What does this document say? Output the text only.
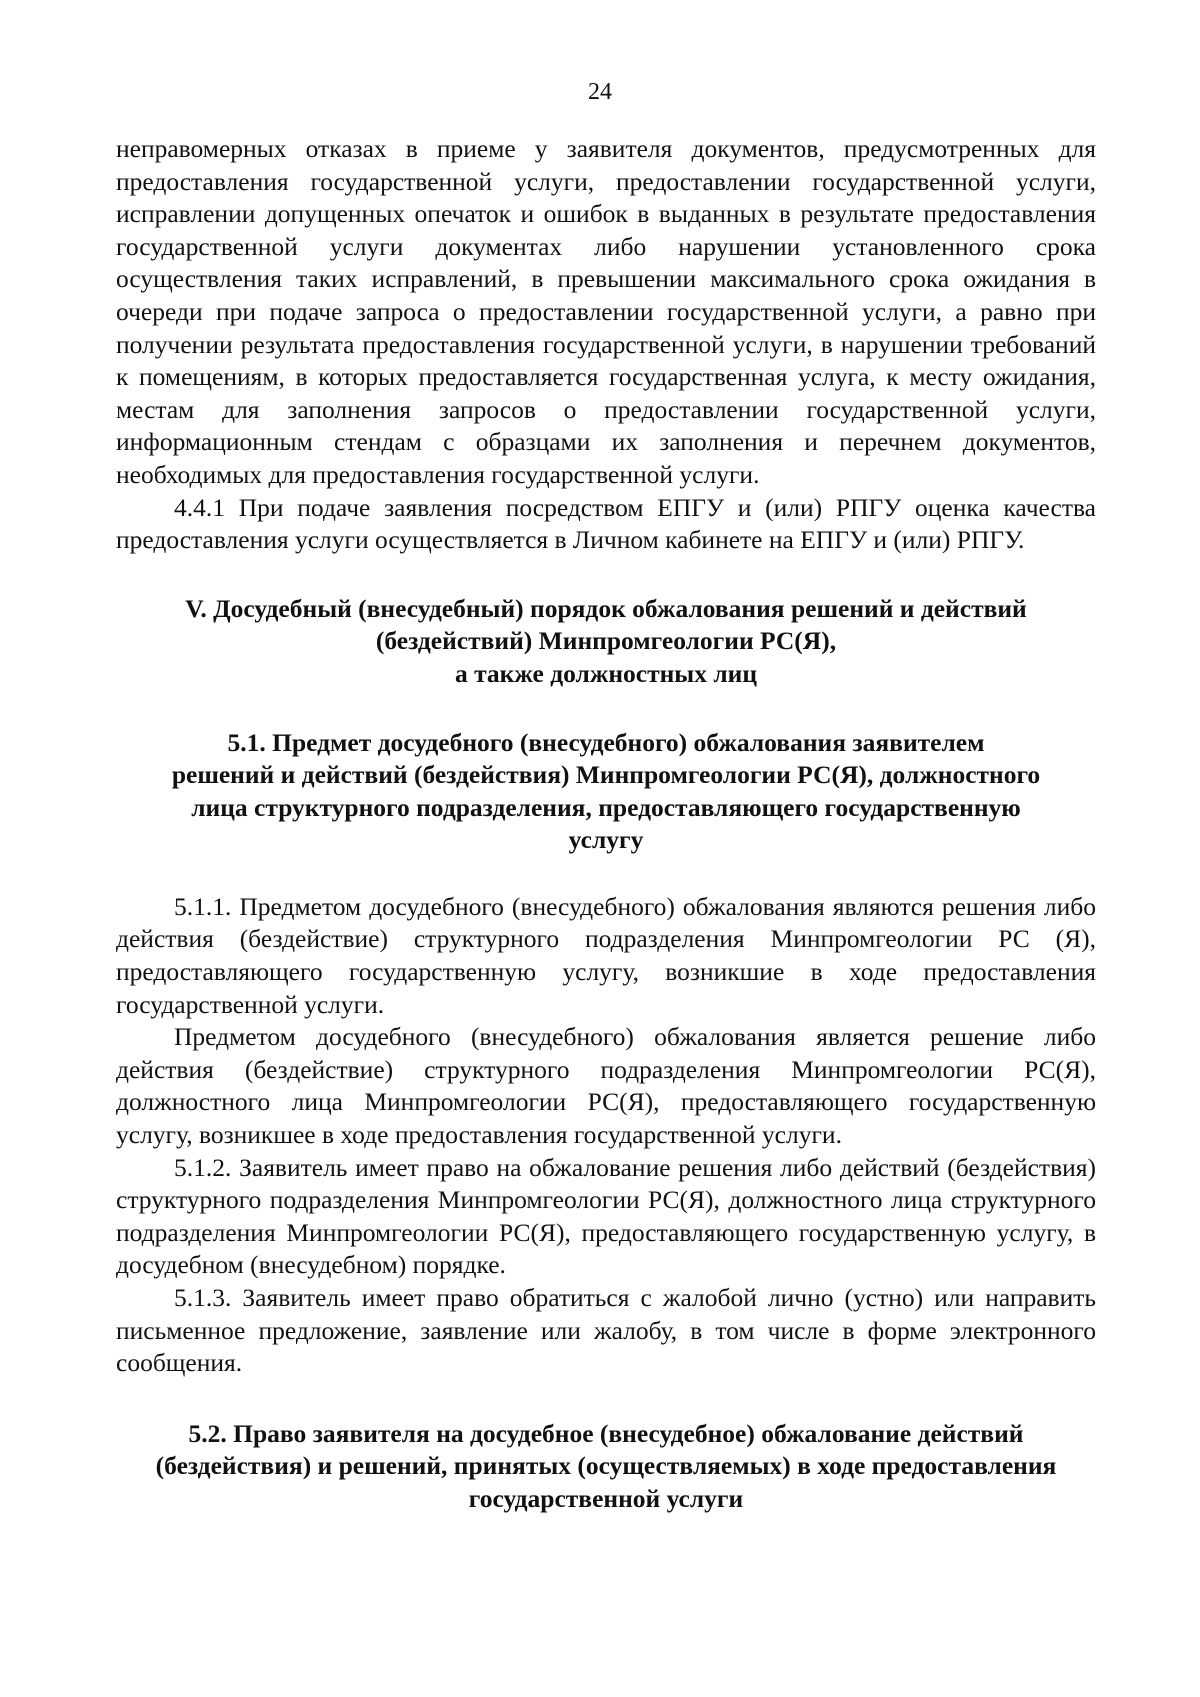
24

неправомерных отказах в приеме у заявителя документов, предусмотренных для предоставления государственной услуги, предоставлении государственной услуги, исправлении допущенных опечаток и ошибок в выданных в результате предоставления государственной услуги документах либо нарушении установленного срока осуществления таких исправлений, в превышении максимального срока ожидания в очереди при подаче запроса о предоставлении государственной услуги, а равно при получении результата предоставления государственной услуги, в нарушении требований к помещениям, в которых предоставляется государственная услуга, к месту ожидания, местам для заполнения запросов о предоставлении государственной услуги, информационным стендам с образцами их заполнения и перечнем документов, необходимых для предоставления государственной услуги.

4.4.1 При подаче заявления посредством ЕПГУ и (или) РПГУ оценка качества предоставления услуги осуществляется в Личном кабинете на ЕПГУ и (или) РПГУ.

V. Досудебный (внесудебный) порядок обжалования решений и действий
(бездействий) Минпромгеологии РС(Я),
а также должностных лиц
5.1. Предмет досудебного (внесудебного) обжалования заявителем
решений и действий (бездействия) Минпромгеологии РС(Я), должностного
лица структурного подразделения, предоставляющего государственную
услугу

5.1.1. Предметом досудебного (внесудебного) обжалования являются решения либо действия (бездействие) структурного подразделения Минпромгеологии РС (Я), предоставляющего государственную услугу, возникшие в ходе предоставления государственной услуги.

Предметом досудебного (внесудебного) обжалования является решение либо действия (бездействие) структурного подразделения Минпромгеологии РС(Я), должностного лица Минпромгеологии РС(Я), предоставляющего государственную услугу, возникшее в ходе предоставления государственной услуги.

5.1.2. Заявитель имеет право на обжалование решения либо действий (бездействия) структурного подразделения Минпромгеологии РС(Я), должностного лица структурного подразделения Минпромгеологии РС(Я), предоставляющего государственную услугу, в досудебном (внесудебном) порядке.

5.1.3. Заявитель имеет право обратиться с жалобой лично (устно) или направить письменное предложение, заявление или жалобу, в том числе в форме электронного сообщения.

5.2. Право заявителя на досудебное (внесудебное) обжалование действий
(бездействия) и решений, принятых (осуществляемых) в ходе предоставления
государственной услуги
